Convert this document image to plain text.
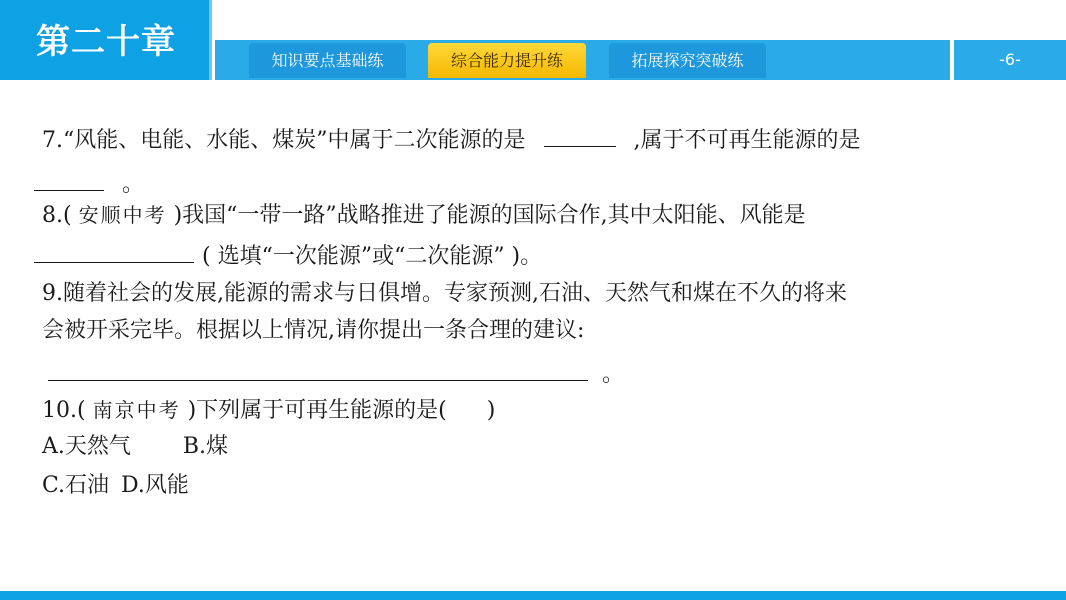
第二十章	知识要点基础练	综合能力提升练	拓展探究突破练	-6-
7.“风能、电能、水能、煤炭”中属于二次能源的是	,属于不可再生能源的是
。
8.( 安顺中考 )我国“一带一路”战略推进了能源的国际合作,其中太阳能、风能是
( 选填“一次能源”或“二次能源” )。
9.随着社会的发展,能源的需求与日俱增。专家预测,石油、天然气和煤在不久的将来
会被开采完毕。根据以上情况,请你提出一条合理的建议:
。
10.( 南京中考 )下列属于可再生能源的是( )
A.天然气 B.煤
C.石油 D.风能
